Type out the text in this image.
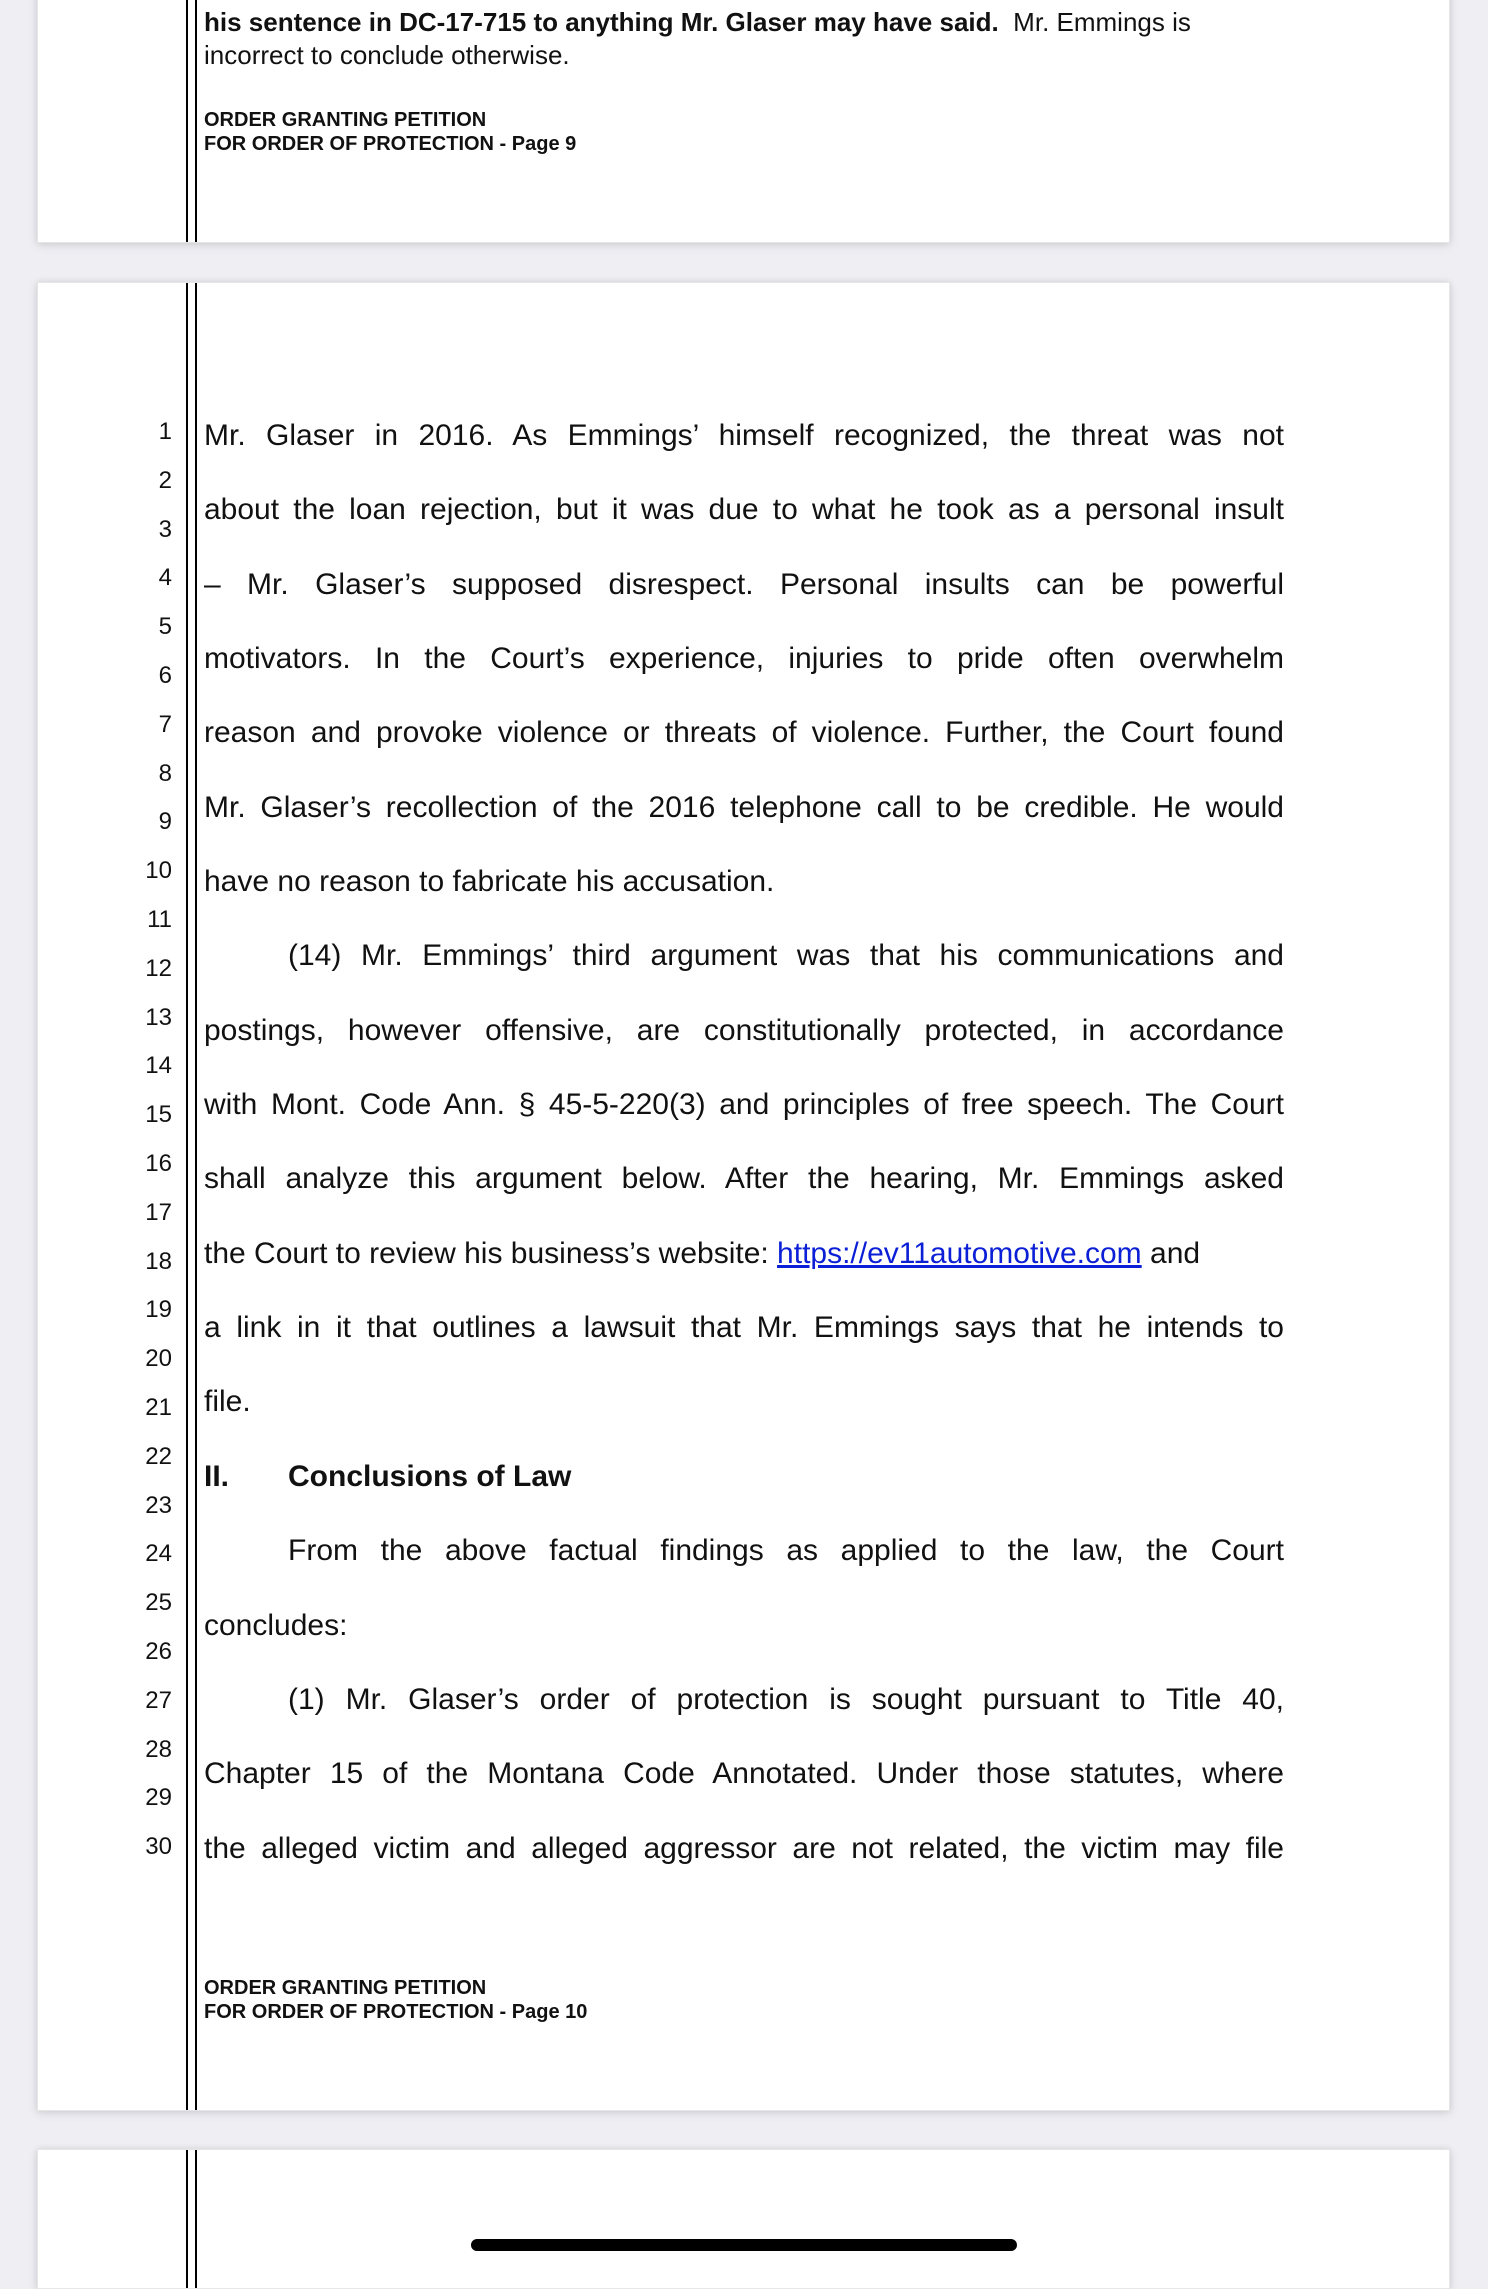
his sentence in DC-17-715 to anything Mr. Glaser may have said.  Mr. Emmings is
incorrect to conclude otherwise.
ORDER GRANTING PETITION
FOR ORDER OF PROTECTION - Page 9
1
2
3
4
5
6
7
8
9
10
11
12
13
14
15
16
17
18
19
20
21
22
23
24
25
26
27
28
29
30
Mr. Glaser in 2016. As Emmings’ himself recognized, the threat was not
about the loan rejection, but it was due to what he took as a personal insult
– Mr. Glaser’s supposed disrespect. Personal insults can be powerful
motivators. In the Court’s experience, injuries to pride often overwhelm
reason and provoke violence or threats of violence. Further, the Court found
Mr. Glaser’s recollection of the 2016 telephone call to be credible. He would
have no reason to fabricate his accusation.
(14) Mr. Emmings’ third argument was that his communications and
postings, however offensive, are constitutionally protected, in accordance
with Mont. Code Ann. § 45-5-220(3) and principles of free speech. The Court
shall analyze this argument below. After the hearing, Mr. Emmings asked
the Court to review his business’s website: https://ev11automotive.com and
a link in it that outlines a lawsuit that Mr. Emmings says that he intends to
file.
II. Conclusions of Law
From the above factual findings as applied to the law, the Court
concludes:
(1) Mr. Glaser’s order of protection is sought pursuant to Title 40,
Chapter 15 of the Montana Code Annotated. Under those statutes, where
the alleged victim and alleged aggressor are not related, the victim may file
ORDER GRANTING PETITION
FOR ORDER OF PROTECTION - Page 10
